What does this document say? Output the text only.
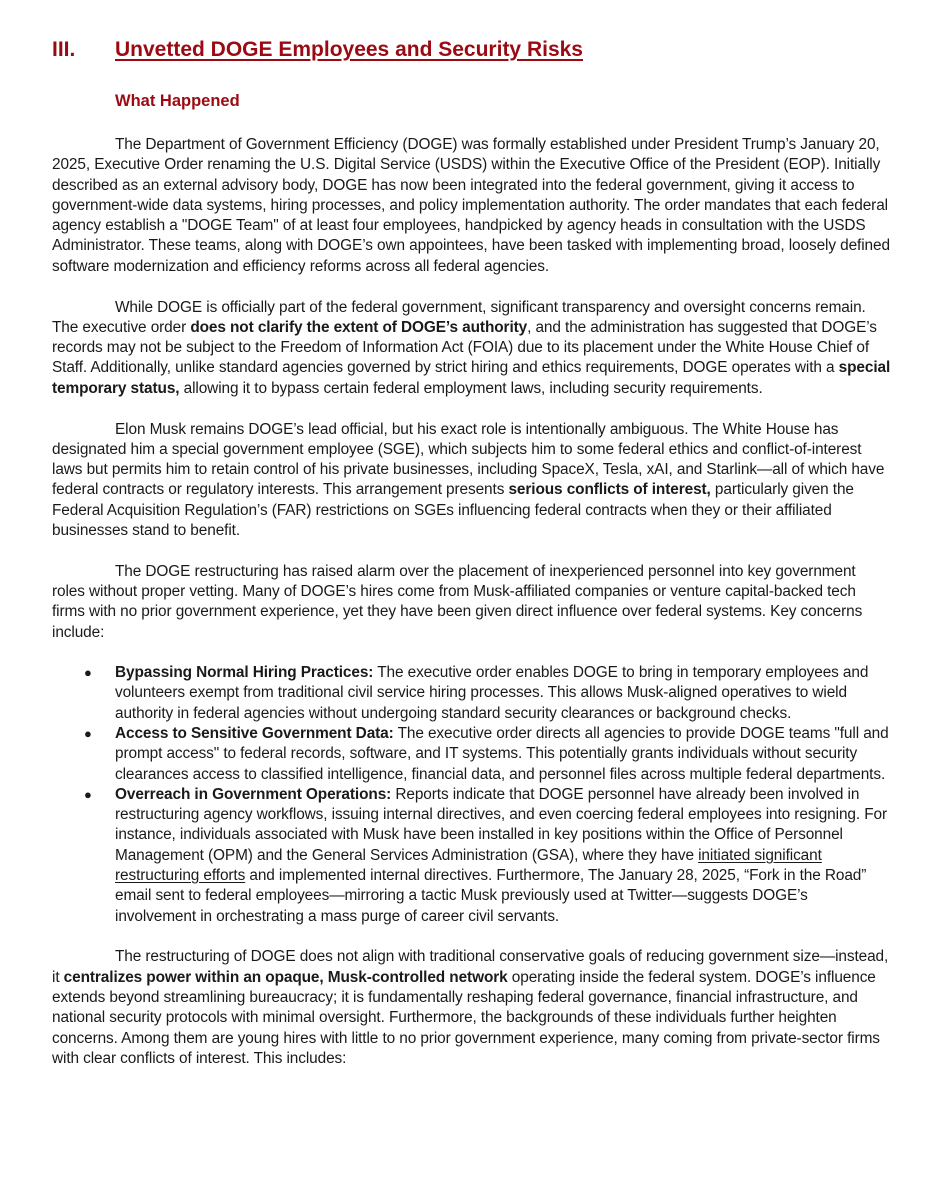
III.	Unvetted DOGE Employees and Security Risks
What Happened

The Department of Government Efficiency (DOGE) was formally established under President Trump’s January 20, 2025, Executive Order renaming the U.S. Digital Service (USDS) within the Executive Office of the President (EOP). Initially described as an external advisory body, DOGE has now been integrated into the federal government, giving it access to government-wide data systems, hiring processes, and policy implementation authority. The order mandates that each federal agency establish a "DOGE Team" of at least four employees, handpicked by agency heads in consultation with the USDS Administrator. These teams, along with DOGE’s own appointees, have been tasked with implementing broad, loosely defined software modernization and efficiency reforms across all federal agencies.

While DOGE is officially part of the federal government, significant transparency and oversight concerns remain. The executive order does not clarify the extent of DOGE’s authority, and the administration has suggested that DOGE’s records may not be subject to the Freedom of Information Act (FOIA) due to its placement under the White House Chief of Staff. Additionally, unlike standard agencies governed by strict hiring and ethics requirements, DOGE operates with a special temporary status, allowing it to bypass certain federal employment laws, including security requirements.

Elon Musk remains DOGE’s lead official, but his exact role is intentionally ambiguous. The White House has designated him a special government employee (SGE), which subjects him to some federal ethics and conflict-of-interest laws but permits him to retain control of his private businesses, including SpaceX, Tesla, xAI, and Starlink—all of which have federal contracts or regulatory interests. This arrangement presents serious conflicts of interest, particularly given the Federal Acquisition Regulation’s (FAR) restrictions on SGEs influencing federal contracts when they or their affiliated businesses stand to benefit.

The DOGE restructuring has raised alarm over the placement of inexperienced personnel into key government roles without proper vetting. Many of DOGE’s hires come from Musk-affiliated companies or venture capital-backed tech firms with no prior government experience, yet they have been given direct influence over federal systems. Key concerns include:

● Bypassing Normal Hiring Practices: The executive order enables DOGE to bring in temporary employees and volunteers exempt from traditional civil service hiring processes. This allows Musk-aligned operatives to wield authority in federal agencies without undergoing standard security clearances or background checks.
● Access to Sensitive Government Data: The executive order directs all agencies to provide DOGE teams "full and prompt access" to federal records, software, and IT systems. This potentially grants individuals without security clearances access to classified intelligence, financial data, and personnel files across multiple federal departments.
● Overreach in Government Operations: Reports indicate that DOGE personnel have already been involved in restructuring agency workflows, issuing internal directives, and even coercing federal employees into resigning. For instance, individuals associated with Musk have been installed in key positions within the Office of Personnel Management (OPM) and the General Services Administration (GSA), where they have initiated significant restructuring efforts and implemented internal directives. Furthermore, The January 28, 2025, “Fork in the Road” email sent to federal employees—mirroring a tactic Musk previously used at Twitter—suggests DOGE’s involvement in orchestrating a mass purge of career civil servants.

The restructuring of DOGE does not align with traditional conservative goals of reducing government size—instead, it centralizes power within an opaque, Musk-controlled network operating inside the federal system. DOGE’s influence extends beyond streamlining bureaucracy; it is fundamentally reshaping federal governance, financial infrastructure, and national security protocols with minimal oversight. Furthermore, the backgrounds of these individuals further heighten concerns. Among them are young hires with little to no prior government experience, many coming from private-sector firms with clear conflicts of interest. This includes:
